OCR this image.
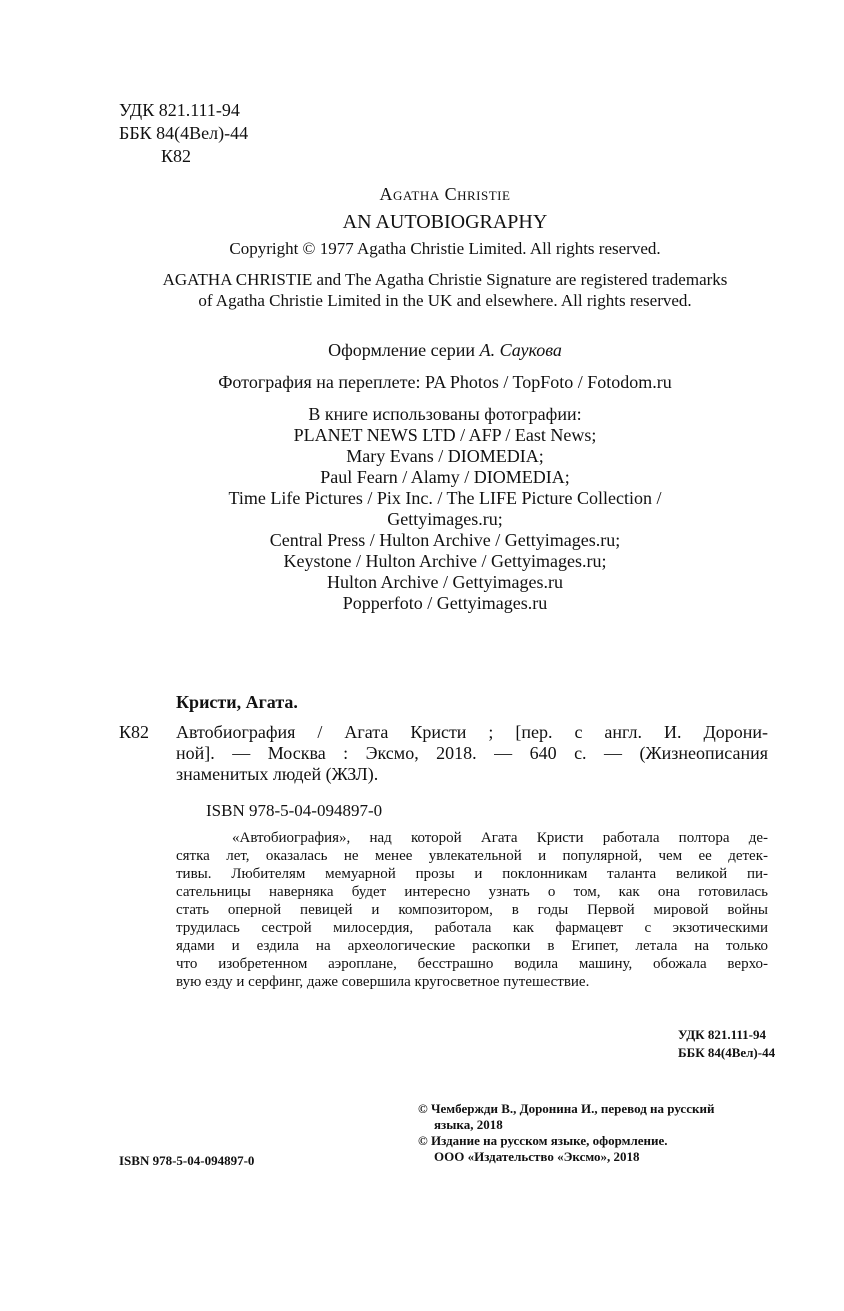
УДК 821.111-94
ББК 84(4Вел)-44
К82
Agatha Christie
AN AUTOBIOGRAPHY
Copyright © 1977 Agatha Christie Limited. All rights reserved.
AGATHA CHRISTIE and The Agatha Christie Signature are registered trademarks
of Agatha Christie Limited in the UK and elsewhere. All rights reserved.
Оформление серии А. Саукова
Фотография на переплете: PA Photos / TopFoto / Fotodom.ru
В книге использованы фотографии:
PLANET NEWS LTD / AFP / East News;
Mary Evans / DIOMEDIA;
Paul Fearn / Alamy / DIOMEDIA;
Time Life Pictures / Pix Inc. / The LIFE Picture Collection /
Gettyimages.ru;
Central Press / Hulton Archive / Gettyimages.ru;
Keystone / Hulton Archive / Gettyimages.ru;
Hulton Archive / Gettyimages.ru
Popperfoto / Gettyimages.ru
Кристи, Агата.
К82 Автобиография / Агата Кристи ; [пер. с англ. И. Дорони-
ной]. — Москва : Эксмо, 2018. — 640 с. — (Жизнеописания
знаменитых людей (ЖЗЛ).
ISBN 978-5-04-094897-0
«Автобиография», над которой Агата Кристи работала полтора де-
сятка лет, оказалась не менее увлекательной и популярной, чем ее детек-
тивы. Любителям мемуарной прозы и поклонникам таланта великой пи-
сательницы наверняка будет интересно узнать о том, как она готовилась
стать оперной певицей и композитором, в годы Первой мировой войны
трудилась сестрой милосердия, работала как фармацевт с экзотическими
ядами и ездила на археологические раскопки в Египет, летала на только
что изобретенном аэроплане, бесстрашно водила машину, обожала верхо-
вую езду и серфинг, даже совершила кругосветное путешествие.
УДК 821.111-94
ББК 84(4Вел)-44
© Чембержди В., Доронина И., перевод на русский
языка, 2018
© Издание на русском языке, оформление.
ООО «Издательство «Эксмо», 2018
ISBN 978-5-04-094897-0
